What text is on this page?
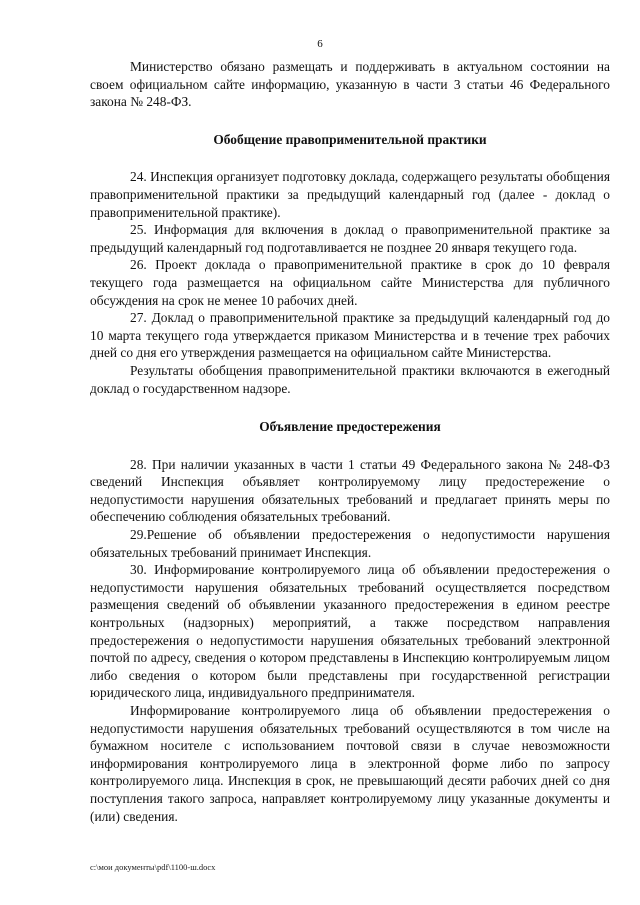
6

Министерство обязано размещать и поддерживать в актуальном состоянии на своем официальном сайте информацию, указанную в части 3 статьи 46 Федерального закона № 248-ФЗ.

Обобщение правоприменительной практики

24. Инспекция организует подготовку доклада, содержащего результаты обобщения правоприменительной практики за предыдущий календарный год (далее - доклад о правоприменительной практике).

25. Информация для включения в доклад о правоприменительной практике за предыдущий календарный год подготавливается не позднее 20 января текущего года.

26. Проект доклада о правоприменительной практике в срок до 10 февраля текущего года размещается на официальном сайте Министерства для публичного обсуждения на срок не менее 10 рабочих дней.

27. Доклад о правоприменительной практике за предыдущий календарный год до 10 марта текущего года утверждается приказом Министерства и в течение трех рабочих дней со дня его утверждения размещается на официальном сайте Министерства.

Результаты обобщения правоприменительной практики включаются в ежегодный доклад о государственном надзоре.

Объявление предостережения

28. При наличии указанных в части 1 статьи 49 Федерального закона № 248-ФЗ сведений Инспекция объявляет контролируемому лицу предостережение о недопустимости нарушения обязательных требований и предлагает принять меры по обеспечению соблюдения обязательных требований.

29.Решение об объявлении предостережения о недопустимости нарушения обязательных требований принимает Инспекция.

30. Информирование контролируемого лица об объявлении предостережения о недопустимости нарушения обязательных требований осуществляется посредством размещения сведений об объявлении указанного предостережения в едином реестре контрольных (надзорных) мероприятий, а также посредством направления предостережения о недопустимости нарушения обязательных требований электронной почтой по адресу, сведения о котором представлены в Инспекцию контролируемым лицом либо сведения о котором были представлены при государственной регистрации юридического лица, индивидуального предпринимателя.

Информирование контролируемого лица об объявлении предостережения о недопустимости нарушения обязательных требований осуществляются в том числе на бумажном носителе с использованием почтовой связи в случае невозможности информирования контролируемого лица в электронной форме либо по запросу контролируемого лица. Инспекция в срок, не превышающий десяти рабочих дней со дня поступления такого запроса, направляет контролируемому лицу указанные документы и (или) сведения.

c:\мои документы\pdf\1100-ш.docx
